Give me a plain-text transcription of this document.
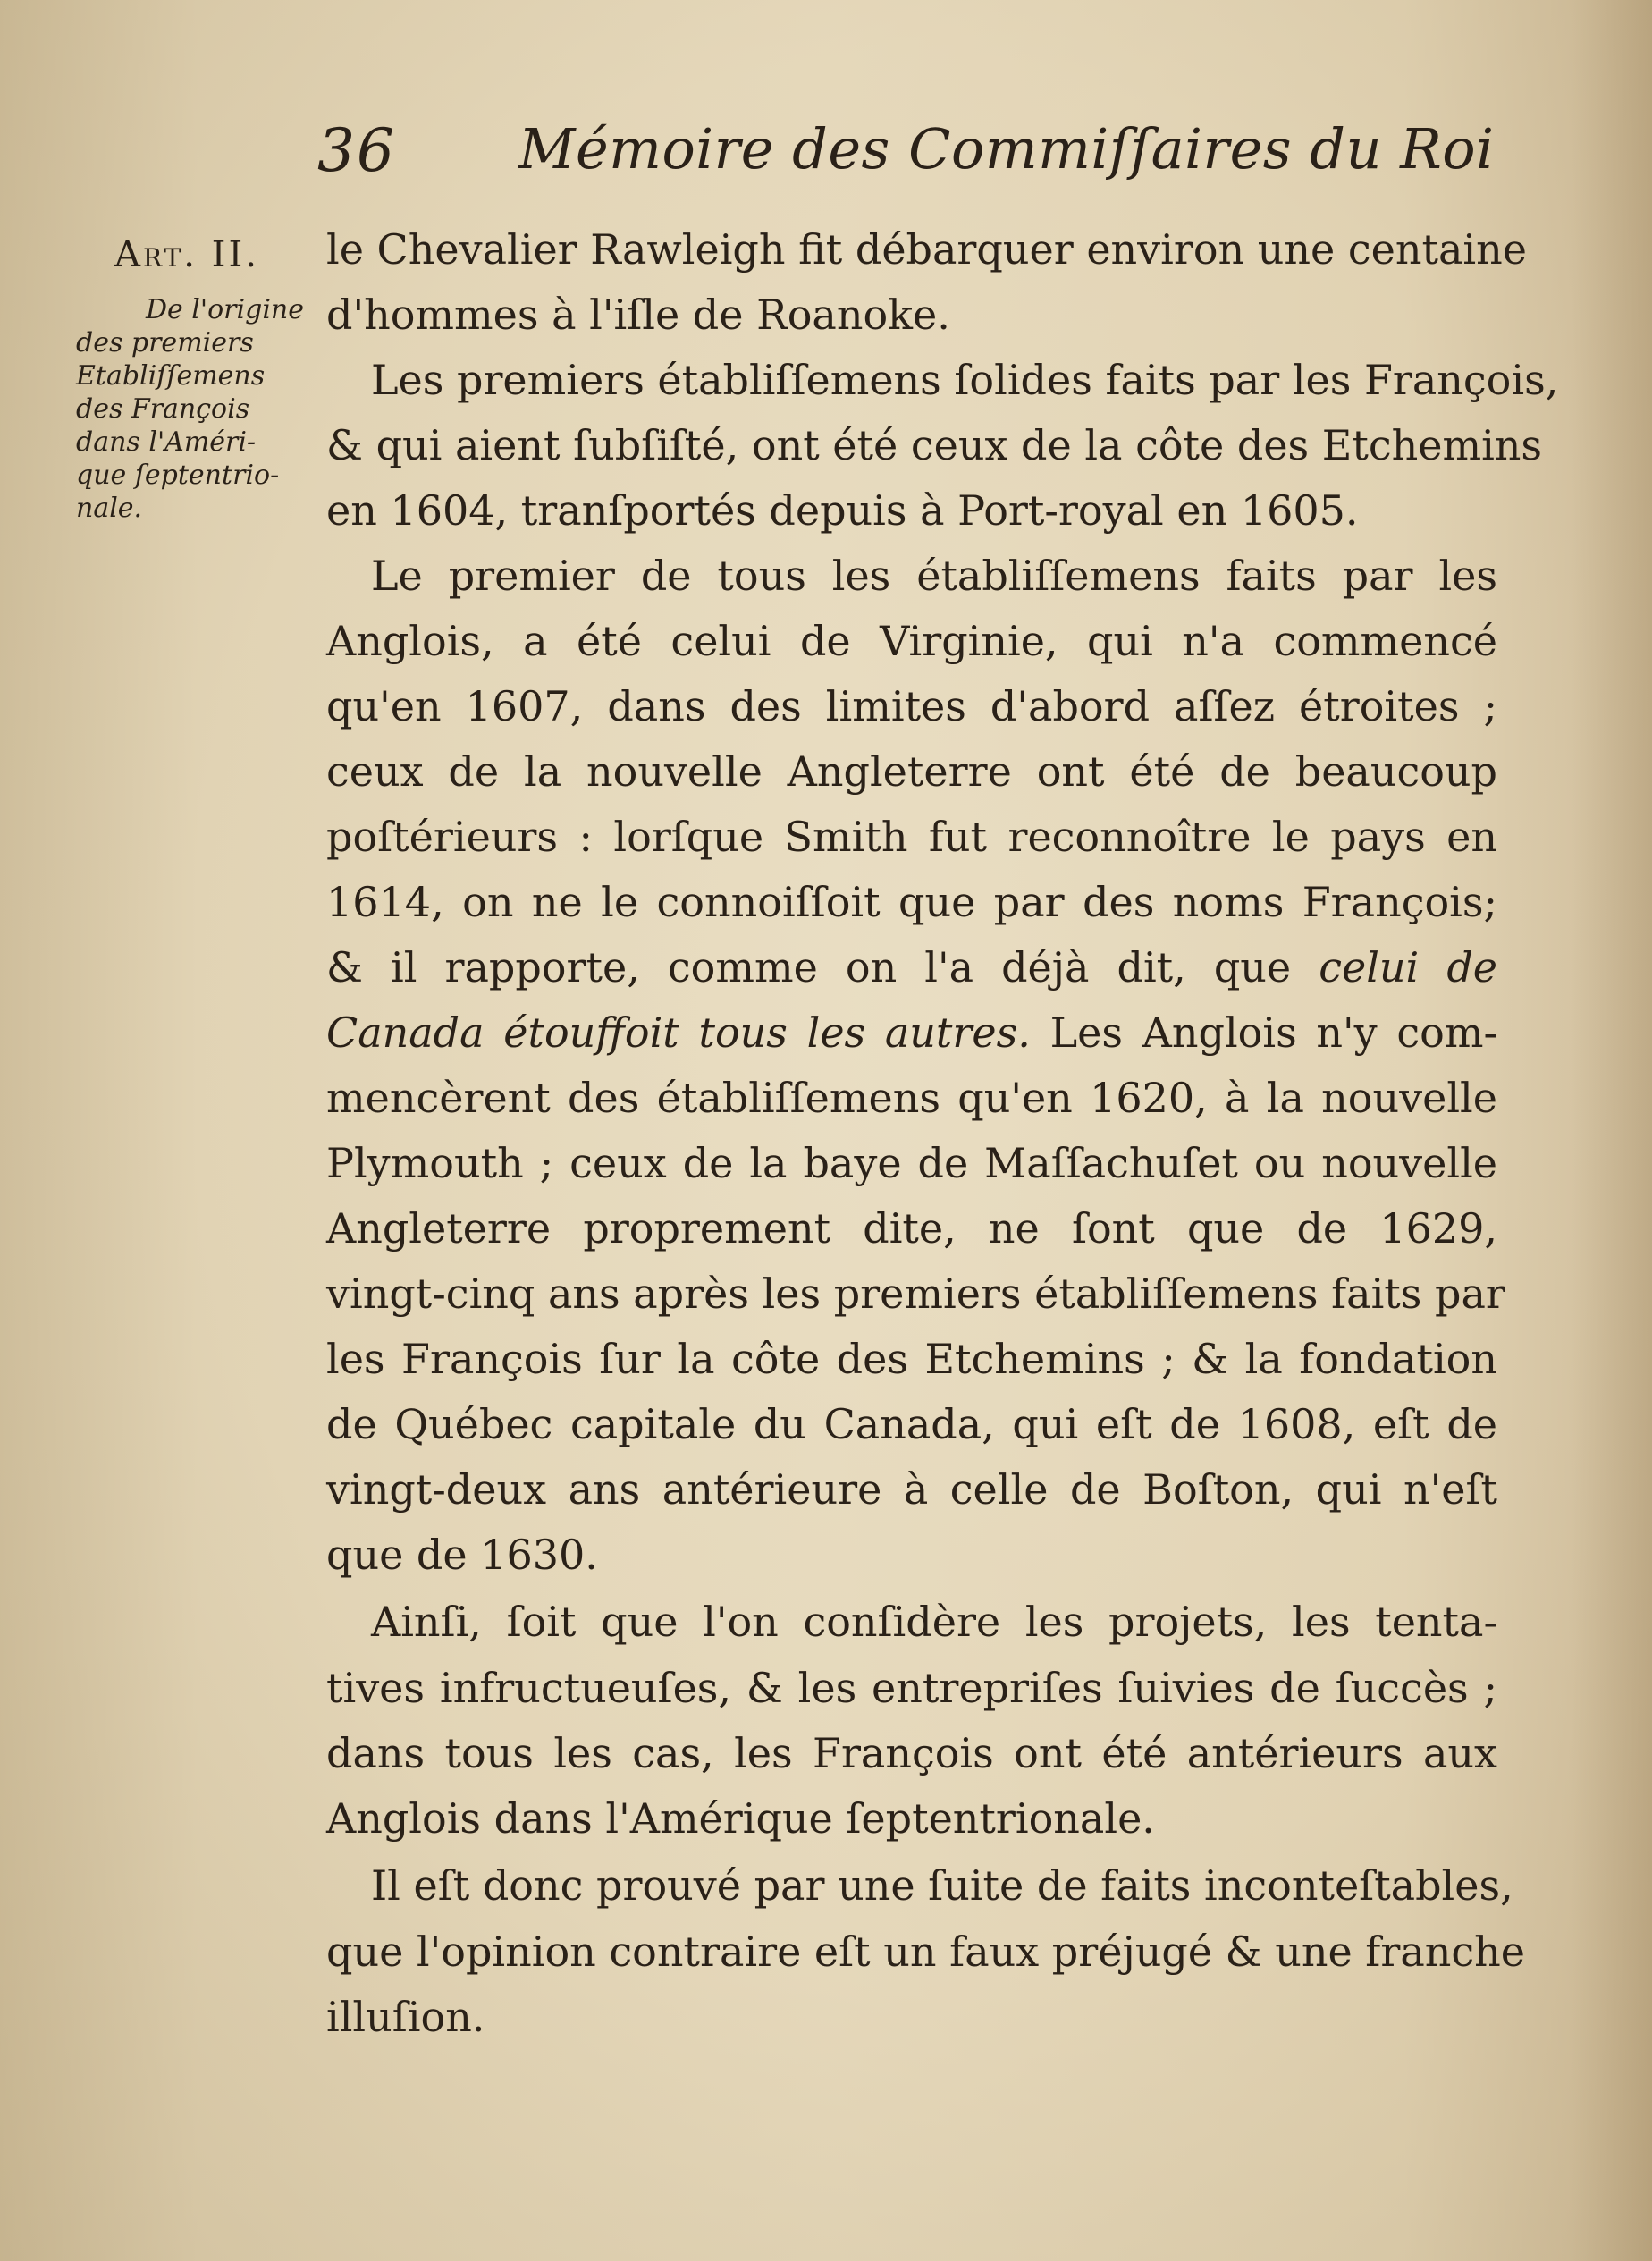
36 Mémoire des Commiſſaires du Roi
Art. II.
De l'origine
des premiers
Etabliſſemens
des François
dans l'Améri-
que ſeptentrio-
nale.
le Chevalier Rawleigh fit débarquer environ une centaine
d'hommes à l'iſle de Roanoke.
Les premiers établiſſemens ſolides faits par les François,
& qui aient ſubſiſté, ont été ceux de la côte des Etchemins
en 1604, tranſportés depuis à Port-royal en 1605.
Le premier de tous les établiſſemens faits par les
Anglois, a été celui de Virginie, qui n'a commencé
qu'en 1607, dans des limites d'abord aſſez étroites ;
ceux de la nouvelle Angleterre ont été de beaucoup
poſtérieurs : lorſque Smith fut reconnoître le pays en
1614, on ne le connoiſſoit que par des noms François;
& il rapporte, comme on l'a déjà dit, que celui de
Canada étouffoit tous les autres. Les Anglois n'y com-
mencèrent des établiſſemens qu'en 1620, à la nouvelle
Plymouth ; ceux de la baye de Maſſachuſet ou nouvelle
Angleterre proprement dite, ne ſont que de 1629,
vingt-cinq ans après les premiers établiſſemens faits par
les François ſur la côte des Etchemins ; & la fondation
de Québec capitale du Canada, qui eſt de 1608, eſt de
vingt-deux ans antérieure à celle de Boſton, qui n'eſt
que de 1630.
Ainſi, ſoit que l'on conſidère les projets, les tenta-
tives infructueuſes, & les entrepriſes ſuivies de ſuccès ;
dans tous les cas, les François ont été antérieurs aux
Anglois dans l'Amérique ſeptentrionale.
Il eſt donc prouvé par une ſuite de faits inconteſtables,
que l'opinion contraire eſt un faux préjugé & une franche
illuſion.
